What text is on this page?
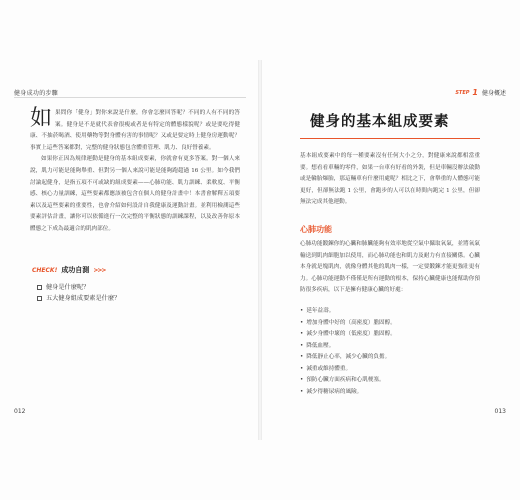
健身成功的步驟

如果問你「健身」對你來說是什麼，你會怎麼回答呢？不同的人有不同的答案。健身是不是就代表會很瘦或者是有特定的體態樣貌呢？或是要吃得健康、不抽菸喝酒、使用藥物等對身體有害的事情呢？又或是要定時上健身房運動呢？事實上這些答案都對，完整的健身狀態包含體重管理、肌力、良好營養素。

如果你正因為規律運動是健身的基本組成要素，你就會有更多答案。對一個人來說，肌力可能是能夠舉重、但對另一個人來說可能是能夠跑超過 16 公里。如今我們討論起健身，是指五項不可或缺的組成要素——心肺功能、肌力訓練、柔軟度、平衡感、核心力量訓練，這些要素都應該被包含在個人的健身計畫中！本書會解釋五項要素以及這些要素的重要性，也會介紹如何設計自我健康及運動計畫。並利用檢測這些要素評估計畫，讓你可以依循進行一次完整的平衡狀態的訓練課程，以及改善你原本體態之下成為最適合的肌肉部位。

CHECK! 成功自測 >>>
健身是什麼呢？
五大健身組成要素是什麼？
012
STEP 1 健身概述
健身的基本組成要素

基本組成要素中的每一種要素沒有任何大小之分，對健康來說都相當重要。想看看車輛的零件，如果一台車有好看的外裝，但是車輛沒辦法啟動或是輪胎爆胎，那這輛車有什麼用處呢？相比之下，會舉重的人體態可能更好，但卻無法跑 1 公里，會跑步的人可以在時間內跑完 1 公里，但卻無法完成其他運動。

心肺功能

心肺功能鍛鍊你的心臟和肺臟能夠有效率地從空氣中攝取氧氣，並將氧氣輸送到肌肉細胞加以使用，而心肺功能也和肌力及耐力有直接關係。心臟本身就是塊肌肉，就像身體其他的肌肉一樣，一定要鍛鍊才能更強壯更有力。心肺功能運動不僅僅是所有運動的根本，保持心臟健康也能幫助你預防很多疾病，以下是擁有健康心臟的好處：

• 延年益壽。
• 增加身體中好的（高密度）膽固醇。
• 減少身體中壞的（低密度）膽固醇。
• 降低血壓。
• 降低靜止心率，減少心臟的負擔。
• 減重或維持體重。
• 預防心臟方面疾病和心肌梗塞。
• 減少得糖尿病的風險。
013
